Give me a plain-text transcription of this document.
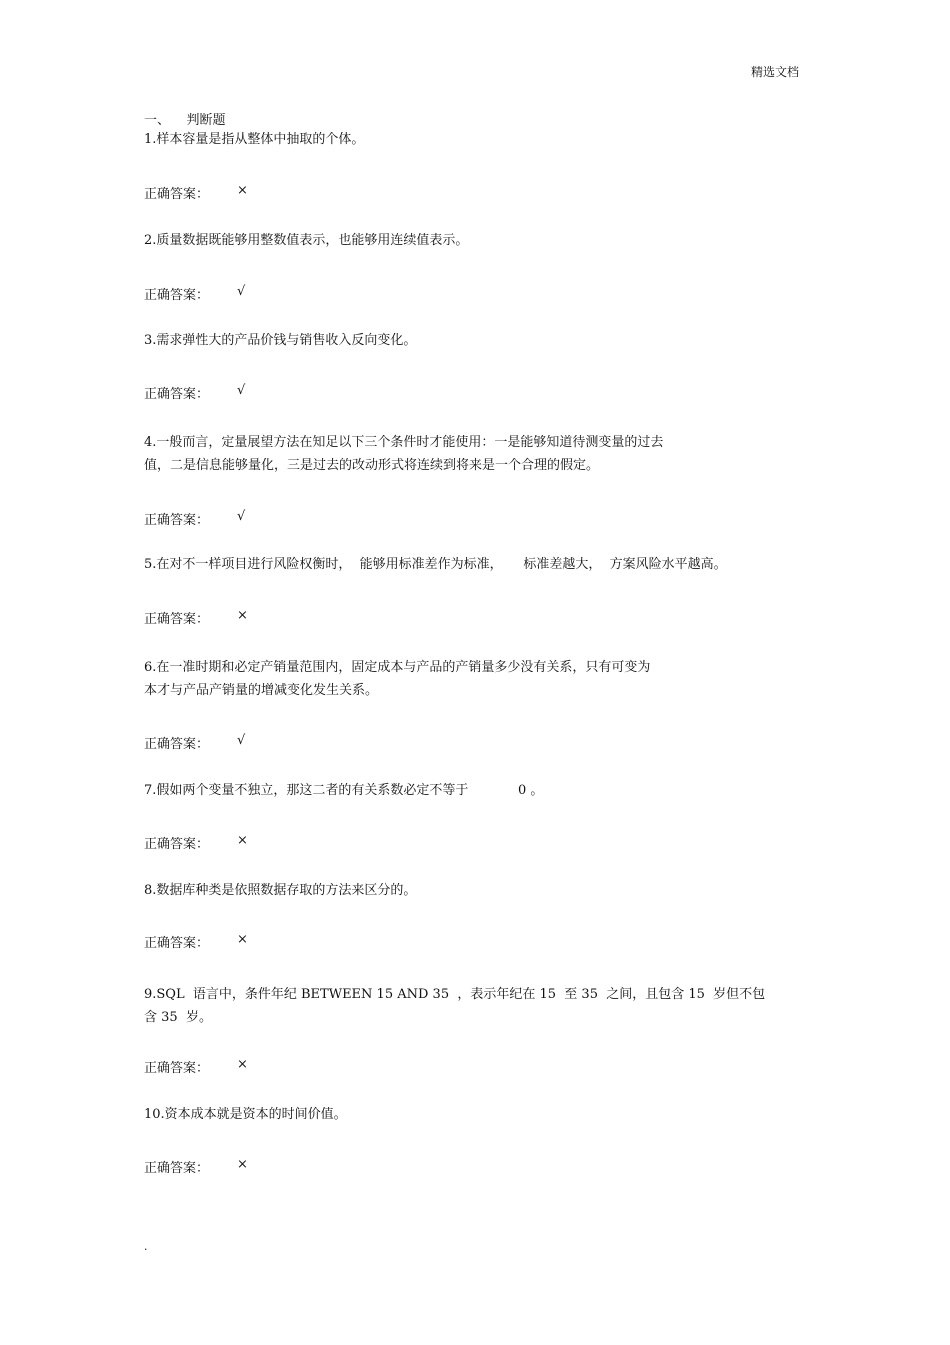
精选文档
一、    判断题
1.样本容量是指从整体中抽取的个体。
正确答案： ×
2.质量数据既能够用整数值表示，也能够用连续值表示。
正确答案： √
3.需求弹性大的产品价钱与销售收入反向变化。
正确答案： √
4.一般而言，定量展望方法在知足以下三个条件时才能使用：一是能够知道待测变量的过去
值，二是信息能够量化，三是过去的改动形式将连续到将来是一个合理的假定。
正确答案： √
5.在对不一样项目进行风险权衡时，  能够用标准差作为标准，     标准差越大，  方案风险水平越高。
正确答案： ×
6.在一准时期和必定产销量范围内，固定成本与产品的产销量多少没有关系，只有可变为
本才与产品产销量的增减变化发生关系。
正确答案： √
7.假如两个变量不独立，那这二者的有关系数必定不等于            0 。
正确答案： ×
8.数据库种类是依照数据存取的方法来区分的。
正确答案： ×
9.SQL  语言中，条件年纪 BETWEEN 15 AND 35  ，表示年纪在 15  至 35  之间，且包含 15  岁但不包
含 35  岁。
正确答案： ×
10.资本成本就是资本的时间价值。
正确答案： ×
.
